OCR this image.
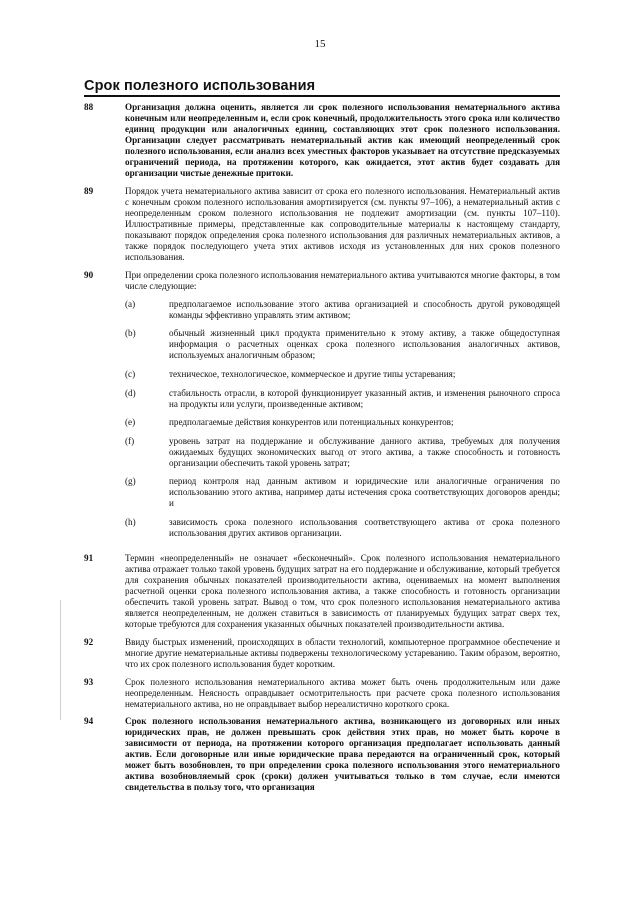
15
Срок полезного использования
88	Организация должна оценить, является ли срок полезного использования нематериального актива конечным или неопределенным и, если срок конечный, продолжительность этого срока или количество единиц продукции или аналогичных единиц, составляющих этот срок полезного использования. Организации следует рассматривать нематериальный актив как имеющий неопределенный срок полезного использования, если анализ всех уместных факторов указывает на отсутствие предсказуемых ограничений периода, на протяжении которого, как ожидается, этот актив будет создавать для организации чистые денежные притоки.
89	Порядок учета нематериального актива зависит от срока его полезного использования. Нематериальный актив с конечным сроком полезного использования амортизируется (см. пункты 97–106), а нематериальный актив с неопределенным сроком полезного использования не подлежит амортизации (см. пункты 107–110). Иллюстративные примеры, представленные как сопроводительные материалы к настоящему стандарту, показывают порядок определения срока полезного использования для различных нематериальных активов, а также порядок последующего учета этих активов исходя из установленных для них сроков полезного использования.
90	При определении срока полезного использования нематериального актива учитываются многие факторы, в том числе следующие:
(a)	предполагаемое использование этого актива организацией и способность другой руководящей команды эффективно управлять этим активом;
(b)	обычный жизненный цикл продукта применительно к этому активу, а также общедоступная информация о расчетных оценках срока полезного использования аналогичных активов, используемых аналогичным образом;
(c)	техническое, технологическое, коммерческое и другие типы устаревания;
(d)	стабильность отрасли, в которой функционирует указанный актив, и изменения рыночного спроса на продукты или услуги, произведенные активом;
(e)	предполагаемые действия конкурентов или потенциальных конкурентов;
(f)	уровень затрат на поддержание и обслуживание данного актива, требуемых для получения ожидаемых будущих экономических выгод от этого актива, а также способность и готовность организации обеспечить такой уровень затрат;
(g)	период контроля над данным активом и юридические или аналогичные ограничения по использованию этого актива, например даты истечения срока соответствующих договоров аренды; и
(h)	зависимость срока полезного использования соответствующего актива от срока полезного использования других активов организации.
91	Термин «неопределенный» не означает «бесконечный». Срок полезного использования нематериального актива отражает только такой уровень будущих затрат на его поддержание и обслуживание, который требуется для сохранения обычных показателей производительности актива, оцениваемых на момент выполнения расчетной оценки срока полезного использования актива, а также способность и готовность организации обеспечить такой уровень затрат. Вывод о том, что срок полезного использования нематериального актива является неопределенным, не должен ставиться в зависимость от планируемых будущих затрат сверх тех, которые требуются для сохранения указанных обычных показателей производительности актива.
92	Ввиду быстрых изменений, происходящих в области технологий, компьютерное программное обеспечение и многие другие нематериальные активы подвержены технологическому устареванию. Таким образом, вероятно, что их срок полезного использования будет коротким.
93	Срок полезного использования нематериального актива может быть очень продолжительным или даже неопределенным. Неясность оправдывает осмотрительность при расчете срока полезного использования нематериального актива, но не оправдывает выбор нереалистично короткого срока.
94	Срок полезного использования нематериального актива, возникающего из договорных или иных юридических прав, не должен превышать срок действия этих прав, но может быть короче в зависимости от периода, на протяжении которого организация предполагает использовать данный актив. Если договорные или иные юридические права передаются на ограниченный срок, который может быть возобновлен, то при определении срока полезного использования этого нематериального актива возобновляемый срок (сроки) должен учитываться только в том случае, если имеются свидетельства в пользу того, что организация
